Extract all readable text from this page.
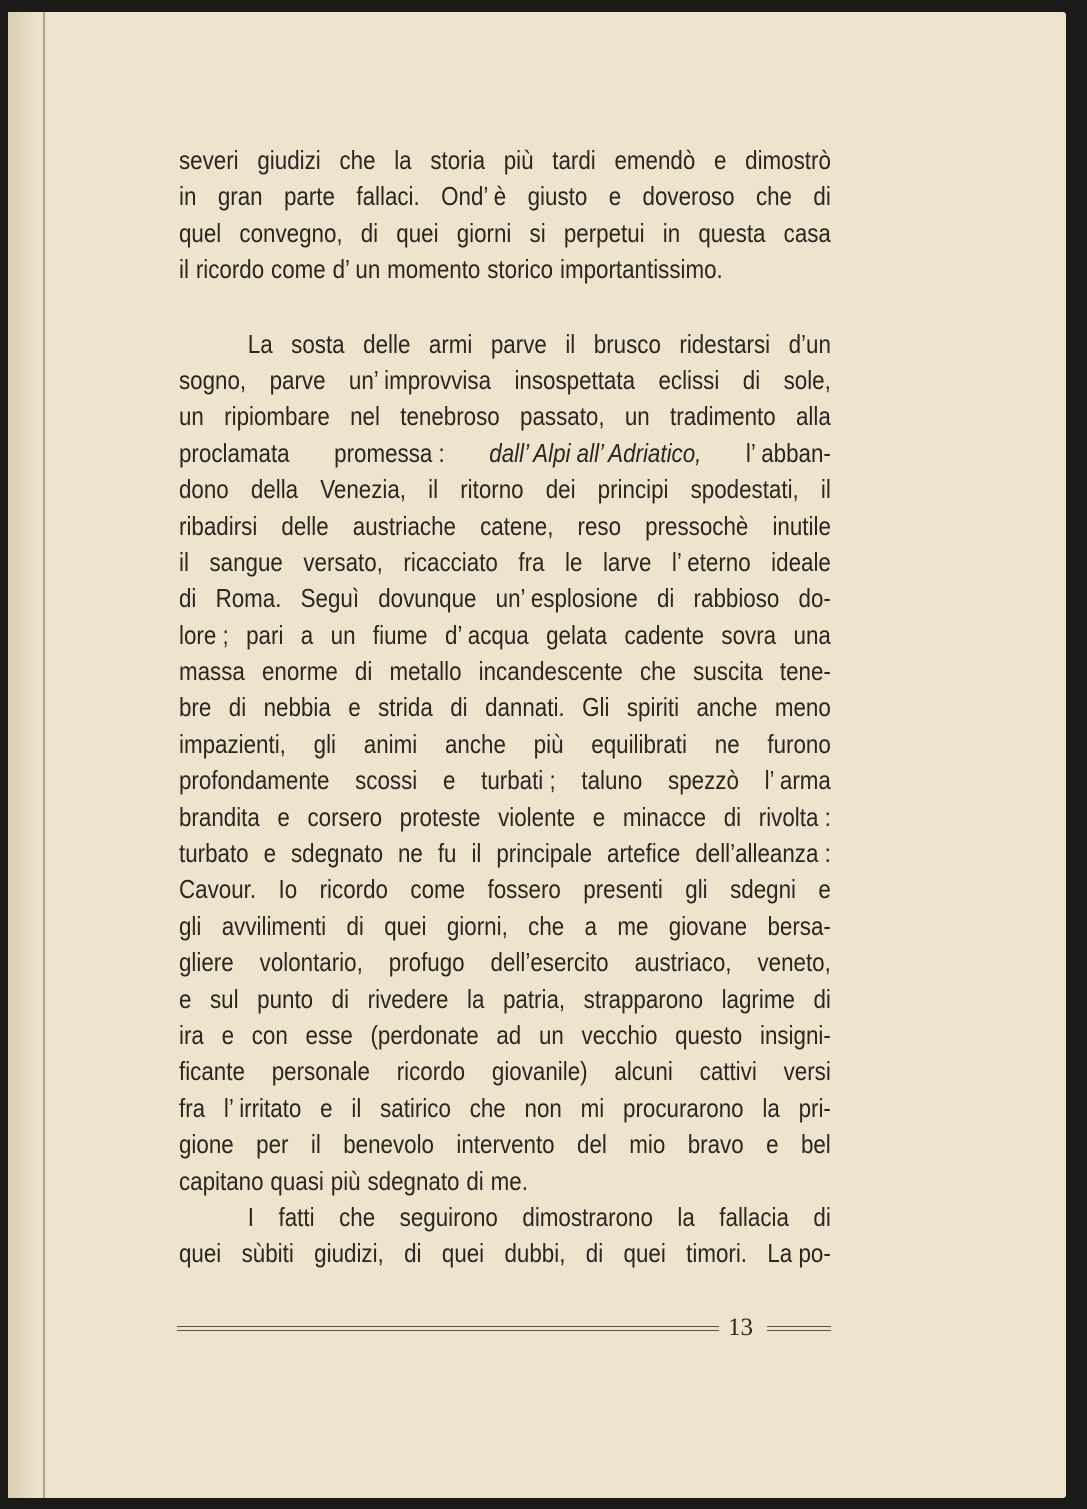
severi giudizi che la storia più tardi emendò e dimostrò
in gran parte fallaci. Ond’ è giusto e doveroso che di
quel convegno, di quei giorni si perpetui in questa casa
il ricordo come d’ un momento storico importantissimo.
La sosta delle armi parve il brusco ridestarsi d’un
sogno, parve un’ improvvisa insospettata eclissi di sole,
un ripiombare nel tenebroso passato, un tradimento alla
proclamata promessa : dall’ Alpi all’ Adriatico, l’ abban-
dono della Venezia, il ritorno dei principi spodestati, il
ribadirsi delle austriache catene, reso pressochè inutile
il sangue versato, ricacciato fra le larve l’ eterno ideale
di Roma. Seguì dovunque un’ esplosione di rabbioso do-
lore ; pari a un fiume d’ acqua gelata cadente sovra una
massa enorme di metallo incandescente che suscita tene-
bre di nebbia e strida di dannati. Gli spiriti anche meno
impazienti, gli animi anche più equilibrati ne furono
profondamente scossi e turbati ; taluno spezzò l’ arma
brandita e corsero proteste violente e minacce di rivolta :
turbato e sdegnato ne fu il principale artefice dell’alleanza :
Cavour. Io ricordo come fossero presenti gli sdegni e
gli avvilimenti di quei giorni, che a me giovane bersa-
gliere volontario, profugo dell’esercito austriaco, veneto,
e sul punto di rivedere la patria, strapparono lagrime di
ira e con esse (perdonate ad un vecchio questo insigni-
ficante personale ricordo giovanile) alcuni cattivi versi
fra l’ irritato e il satirico che non mi procurarono la pri-
gione per il benevolo intervento del mio bravo e bel
capitano quasi più sdegnato di me.
I fatti che seguirono dimostrarono la fallacia di
quei sùbiti giudizi, di quei dubbi, di quei timori. La po-
13
